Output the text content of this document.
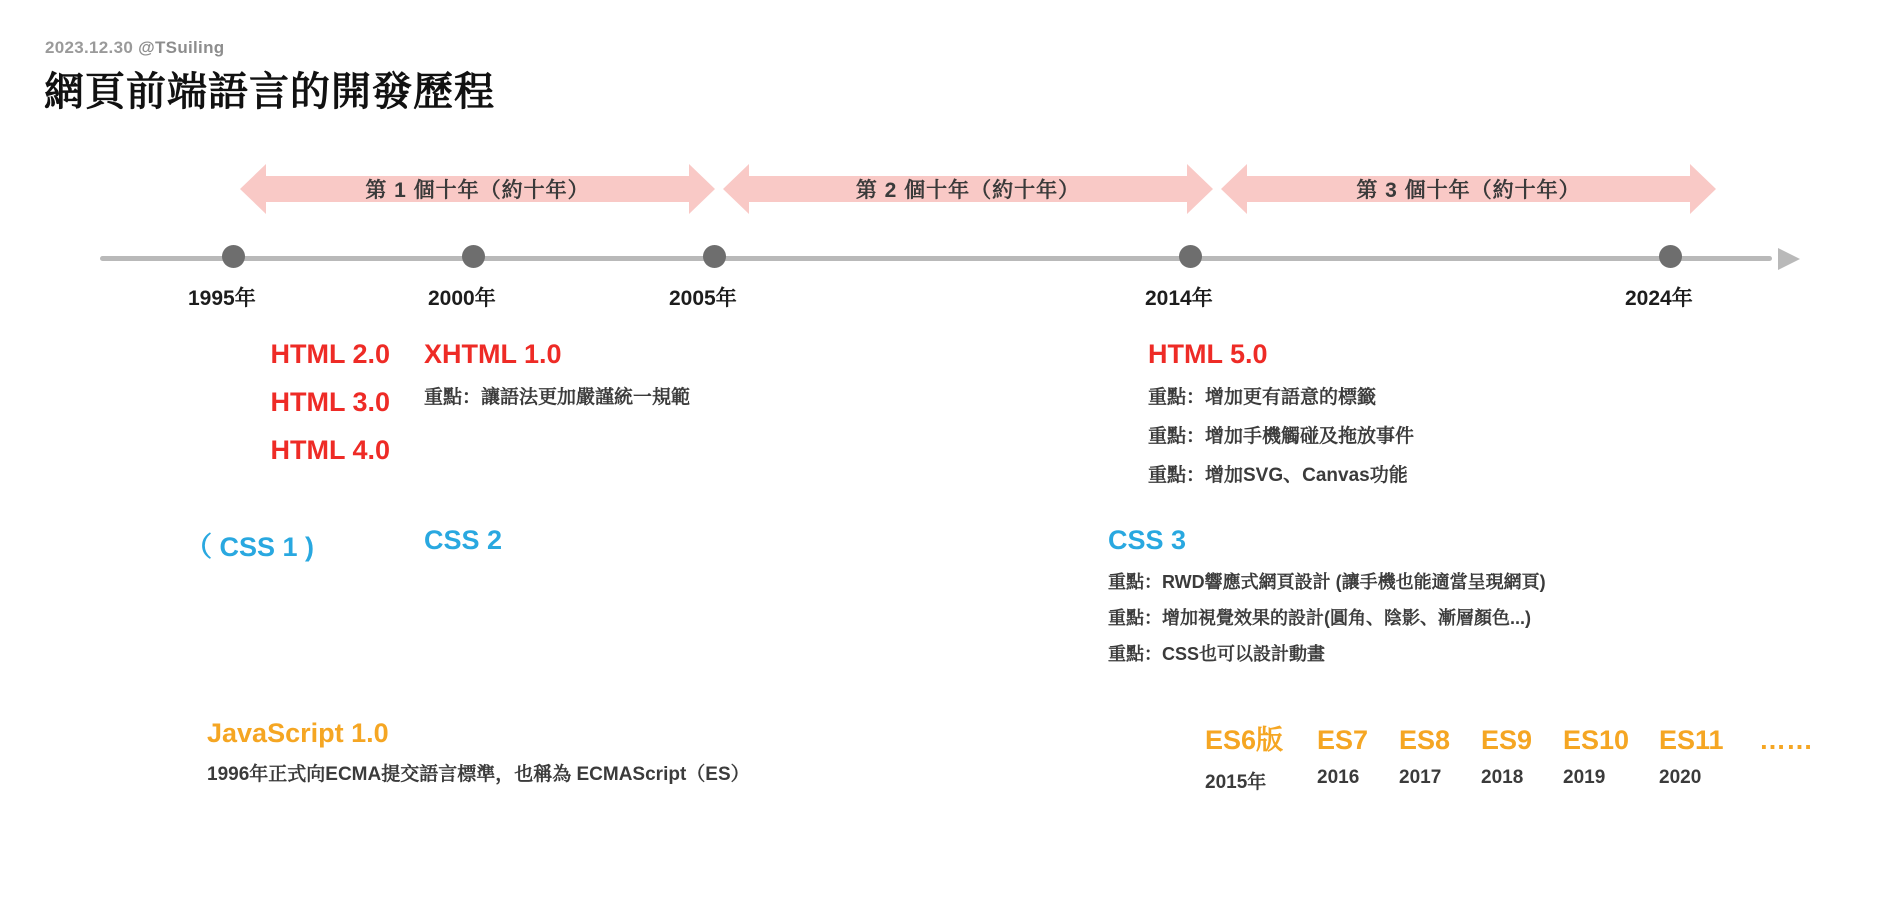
2023.12.30 @TSuiling
網頁前端語言的開發歷程
第 1 個十年（約十年）	第 2 個十年（約十年）	第 3 個十年（約十年）
1995年	2000年	2005年	2014年	2024年
HTML 2.0
HTML 3.0
HTML 4.0
XHTML 1.0
重點：讓語法更加嚴謹統一規範
HTML 5.0
重點：增加更有語意的標籤
重點：增加手機觸碰及拖放事件
重點：增加SVG、Canvas功能
（ CSS 1 )	CSS 2	CSS 3
重點：RWD響應式網頁設計 (讓手機也能適當呈現網頁)
重點：增加視覺效果的設計(圓角、陰影、漸層顏色...)
重點：CSS也可以設計動畫
JavaScript 1.0
1996年正式向ECMA提交語言標準，也稱為 ECMAScript（ES）
ES6版	ES7	ES8	ES9	ES10	ES11	……
2015年	2016	2017	2018	2019	2020
